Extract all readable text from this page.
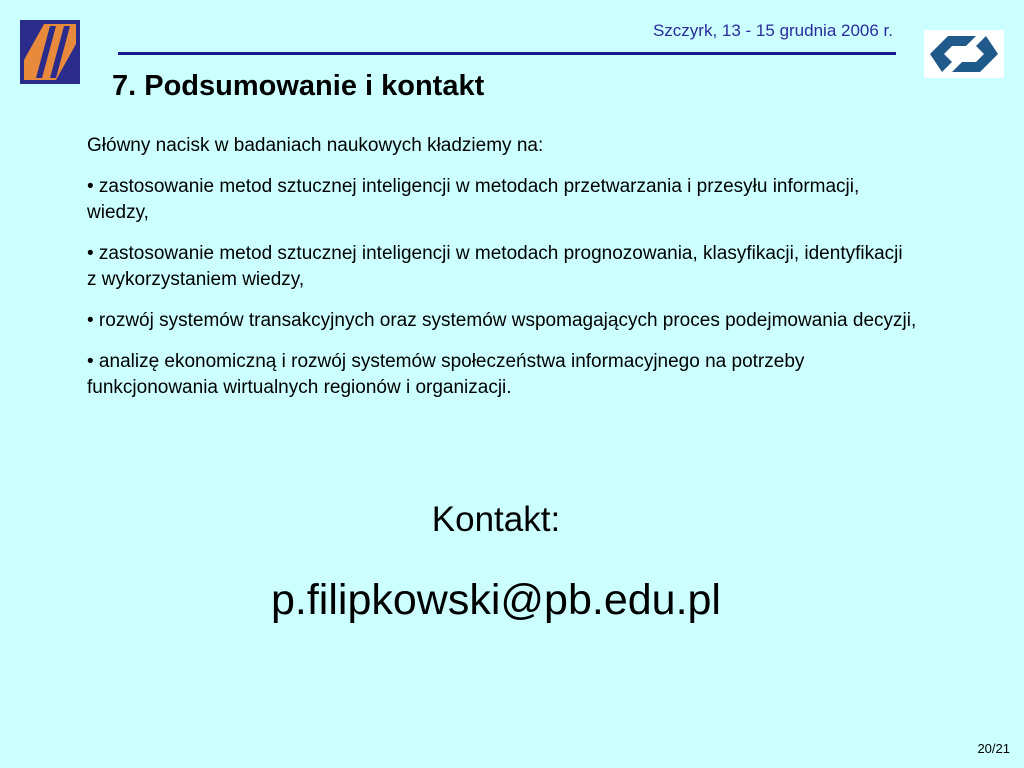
Szczyrk, 13 - 15 grudnia 2006 r.
7. Podsumowanie i kontakt

Główny nacisk w badaniach naukowych kładziemy na:

• zastosowanie metod sztucznej inteligencji w metodach przetwarzania i przesyłu informacji, wiedzy,

• zastosowanie metod sztucznej inteligencji w metodach prognozowania, klasyfikacji, identyfikacji z wykorzystaniem wiedzy,

• rozwój systemów transakcyjnych oraz systemów wspomagających proces podejmowania decyzji,

• analizę ekonomiczną i rozwój systemów społeczeństwa informacyjnego na potrzeby funkcjonowania wirtualnych regionów i organizacji.

Kontakt:

p.filipkowski@pb.edu.pl

20/21
